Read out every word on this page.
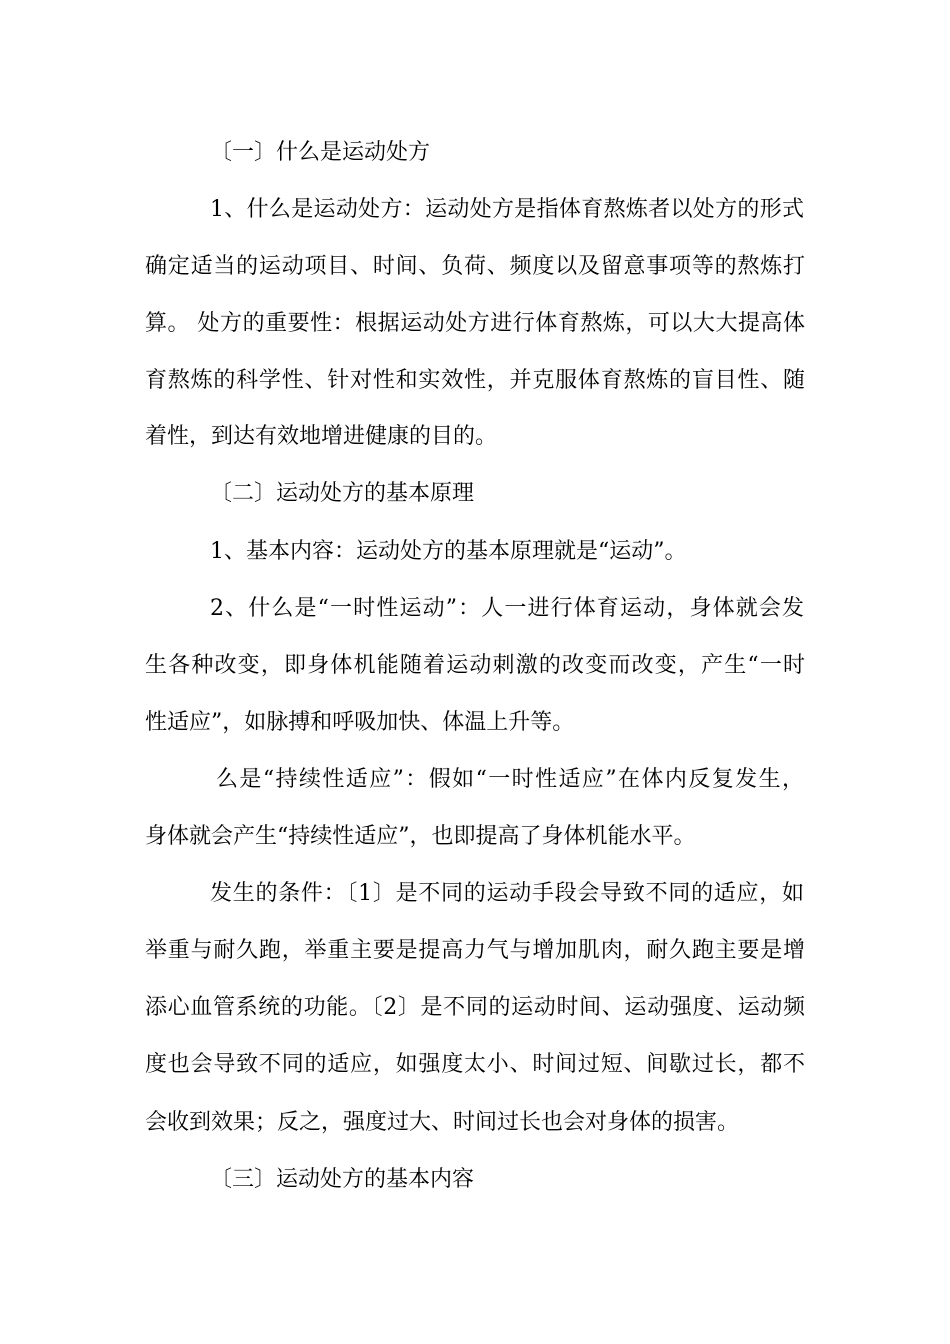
〔一〕什么是运动处方

1、什么是运动处方：运动处方是指体育熬炼者以处方的形式

确定适当的运动项目、时间、负荷、频度以及留意事项等的熬炼打

算。 处方的重要性：根据运动处方进行体育熬炼，可以大大提高体

育熬炼的科学性、针对性和实效性，并克服体育熬炼的盲目性、随

着性，到达有效地增进健康的目的。

〔二〕运动处方的基本原理

1、基本内容：运动处方的基本原理就是“运动”。

2、什么是“一时性运动”：人一进行体育运动，身体就会发

生各种改变，即身体机能随着运动刺激的改变而改变，产生“一时

性适应”，如脉搏和呼吸加快、体温上升等。

么是“持续性适应”：假如“一时性适应”在体内反复发生，

身体就会产生“持续性适应”，也即提高了身体机能水平。

发生的条件：〔1〕是不同的运动手段会导致不同的适应，如

举重与耐久跑，举重主要是提高力气与增加肌肉，耐久跑主要是增

添心血管系统的功能。〔2〕是不同的运动时间、运动强度、运动频

度也会导致不同的适应，如强度太小、时间过短、间歇过长，都不

会收到效果；反之，强度过大、时间过长也会对身体的损害。

〔三〕运动处方的基本内容
